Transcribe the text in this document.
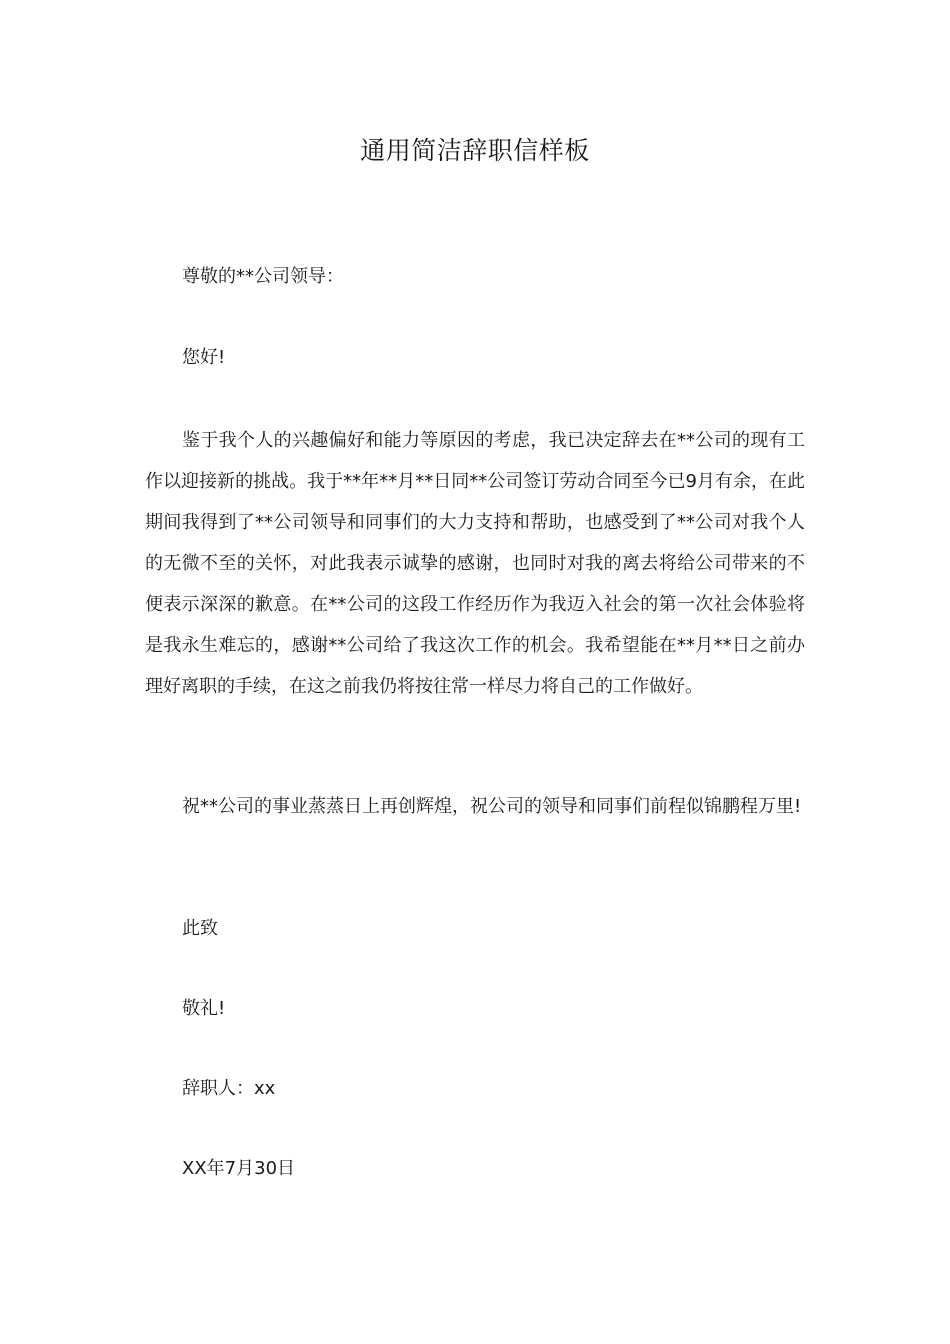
通用简洁辞职信样板
尊敬的**公司领导：
您好!
鉴于我个人的兴趣偏好和能力等原因的考虑，我已决定辞去在**公司的现有工作以迎接新的挑战。我于**年**月**日同**公司签订劳动合同至今已9月有余，在此期间我得到了**公司领导和同事们的大力支持和帮助，也感受到了**公司对我个人的无微不至的关怀，对此我表示诚挚的感谢，也同时对我的离去将给公司带来的不便表示深深的歉意。在**公司的这段工作经历作为我迈入社会的第一次社会体验将是我永生难忘的，感谢**公司给了我这次工作的机会。我希望能在**月**日之前办理好离职的手续，在这之前我仍将按往常一样尽力将自己的工作做好。
祝**公司的事业蒸蒸日上再创辉煌，祝公司的领导和同事们前程似锦鹏程万里!
此致
敬礼!
辞职人：xx
XX年7月30日
